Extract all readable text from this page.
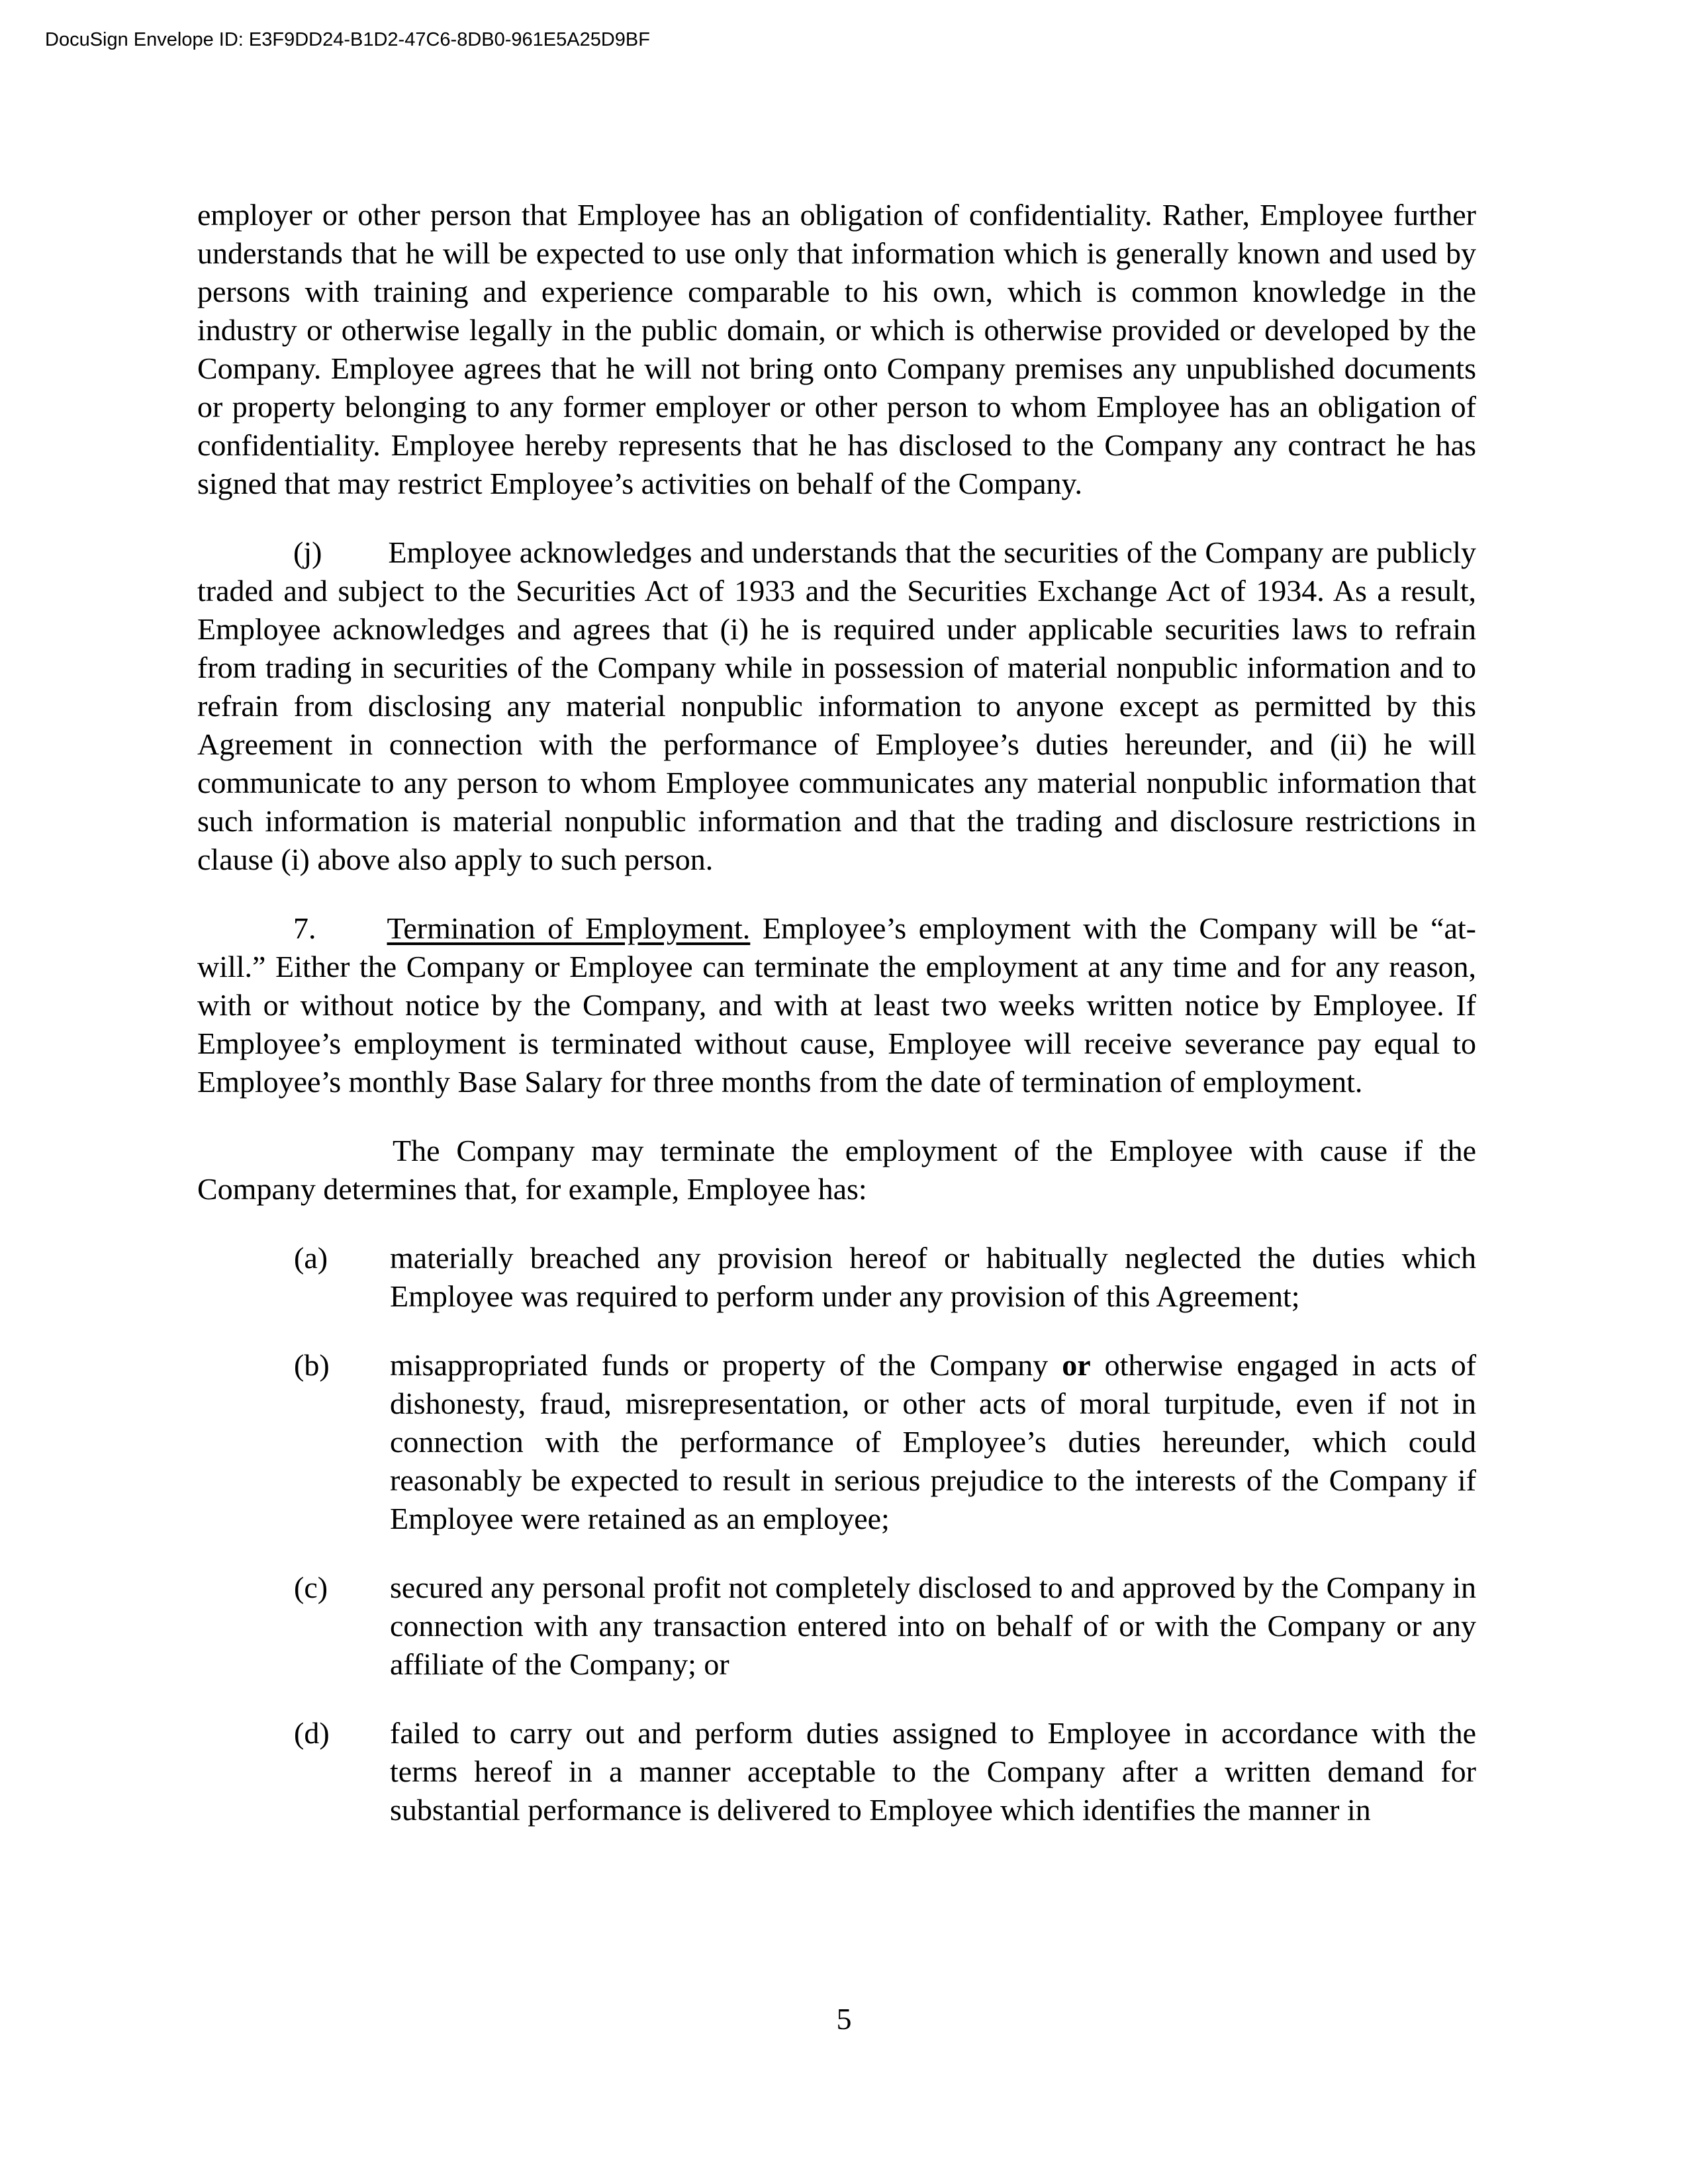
DocuSign Envelope ID: E3F9DD24-B1D2-47C6-8DB0-961E5A25D9BF

employer or other person that Employee has an obligation of confidentiality. Rather, Employee further understands that he will be expected to use only that information which is generally known and used by persons with training and experience comparable to his own, which is common knowledge in the industry or otherwise legally in the public domain, or which is otherwise provided or developed by the Company. Employee agrees that he will not bring onto Company premises any unpublished documents or property belonging to any former employer or other person to whom Employee has an obligation of confidentiality. Employee hereby represents that he has disclosed to the Company any contract he has signed that may restrict Employee’s activities on behalf of the Company.

(j) Employee acknowledges and understands that the securities of the Company are publicly traded and subject to the Securities Act of 1933 and the Securities Exchange Act of 1934. As a result, Employee acknowledges and agrees that (i) he is required under applicable securities laws to refrain from trading in securities of the Company while in possession of material nonpublic information and to refrain from disclosing any material nonpublic information to anyone except as permitted by this Agreement in connection with the performance of Employee’s duties hereunder, and (ii) he will communicate to any person to whom Employee communicates any material nonpublic information that such information is material nonpublic information and that the trading and disclosure restrictions in clause (i) above also apply to such person.

7. Termination of Employment. Employee’s employment with the Company will be “at-will.” Either the Company or Employee can terminate the employment at any time and for any reason, with or without notice by the Company, and with at least two weeks written notice by Employee. If Employee’s employment is terminated without cause, Employee will receive severance pay equal to Employee’s monthly Base Salary for three months from the date of termination of employment.

The Company may terminate the employment of the Employee with cause if the Company determines that, for example, Employee has:

(a)	materially breached any provision hereof or habitually neglected the duties which Employee was required to perform under any provision of this Agreement;
(b)	misappropriated funds or property of the Company or otherwise engaged in acts of dishonesty, fraud, misrepresentation, or other acts of moral turpitude, even if not in connection with the performance of Employee’s duties hereunder, which could reasonably be expected to result in serious prejudice to the interests of the Company if Employee were retained as an employee;
(c)	secured any personal profit not completely disclosed to and approved by the Company in connection with any transaction entered into on behalf of or with the Company or any affiliate of the Company; or
(d)	failed to carry out and perform duties assigned to Employee in accordance with the terms hereof in a manner acceptable to the Company after a written demand for substantial performance is delivered to Employee which identifies the manner in
5
